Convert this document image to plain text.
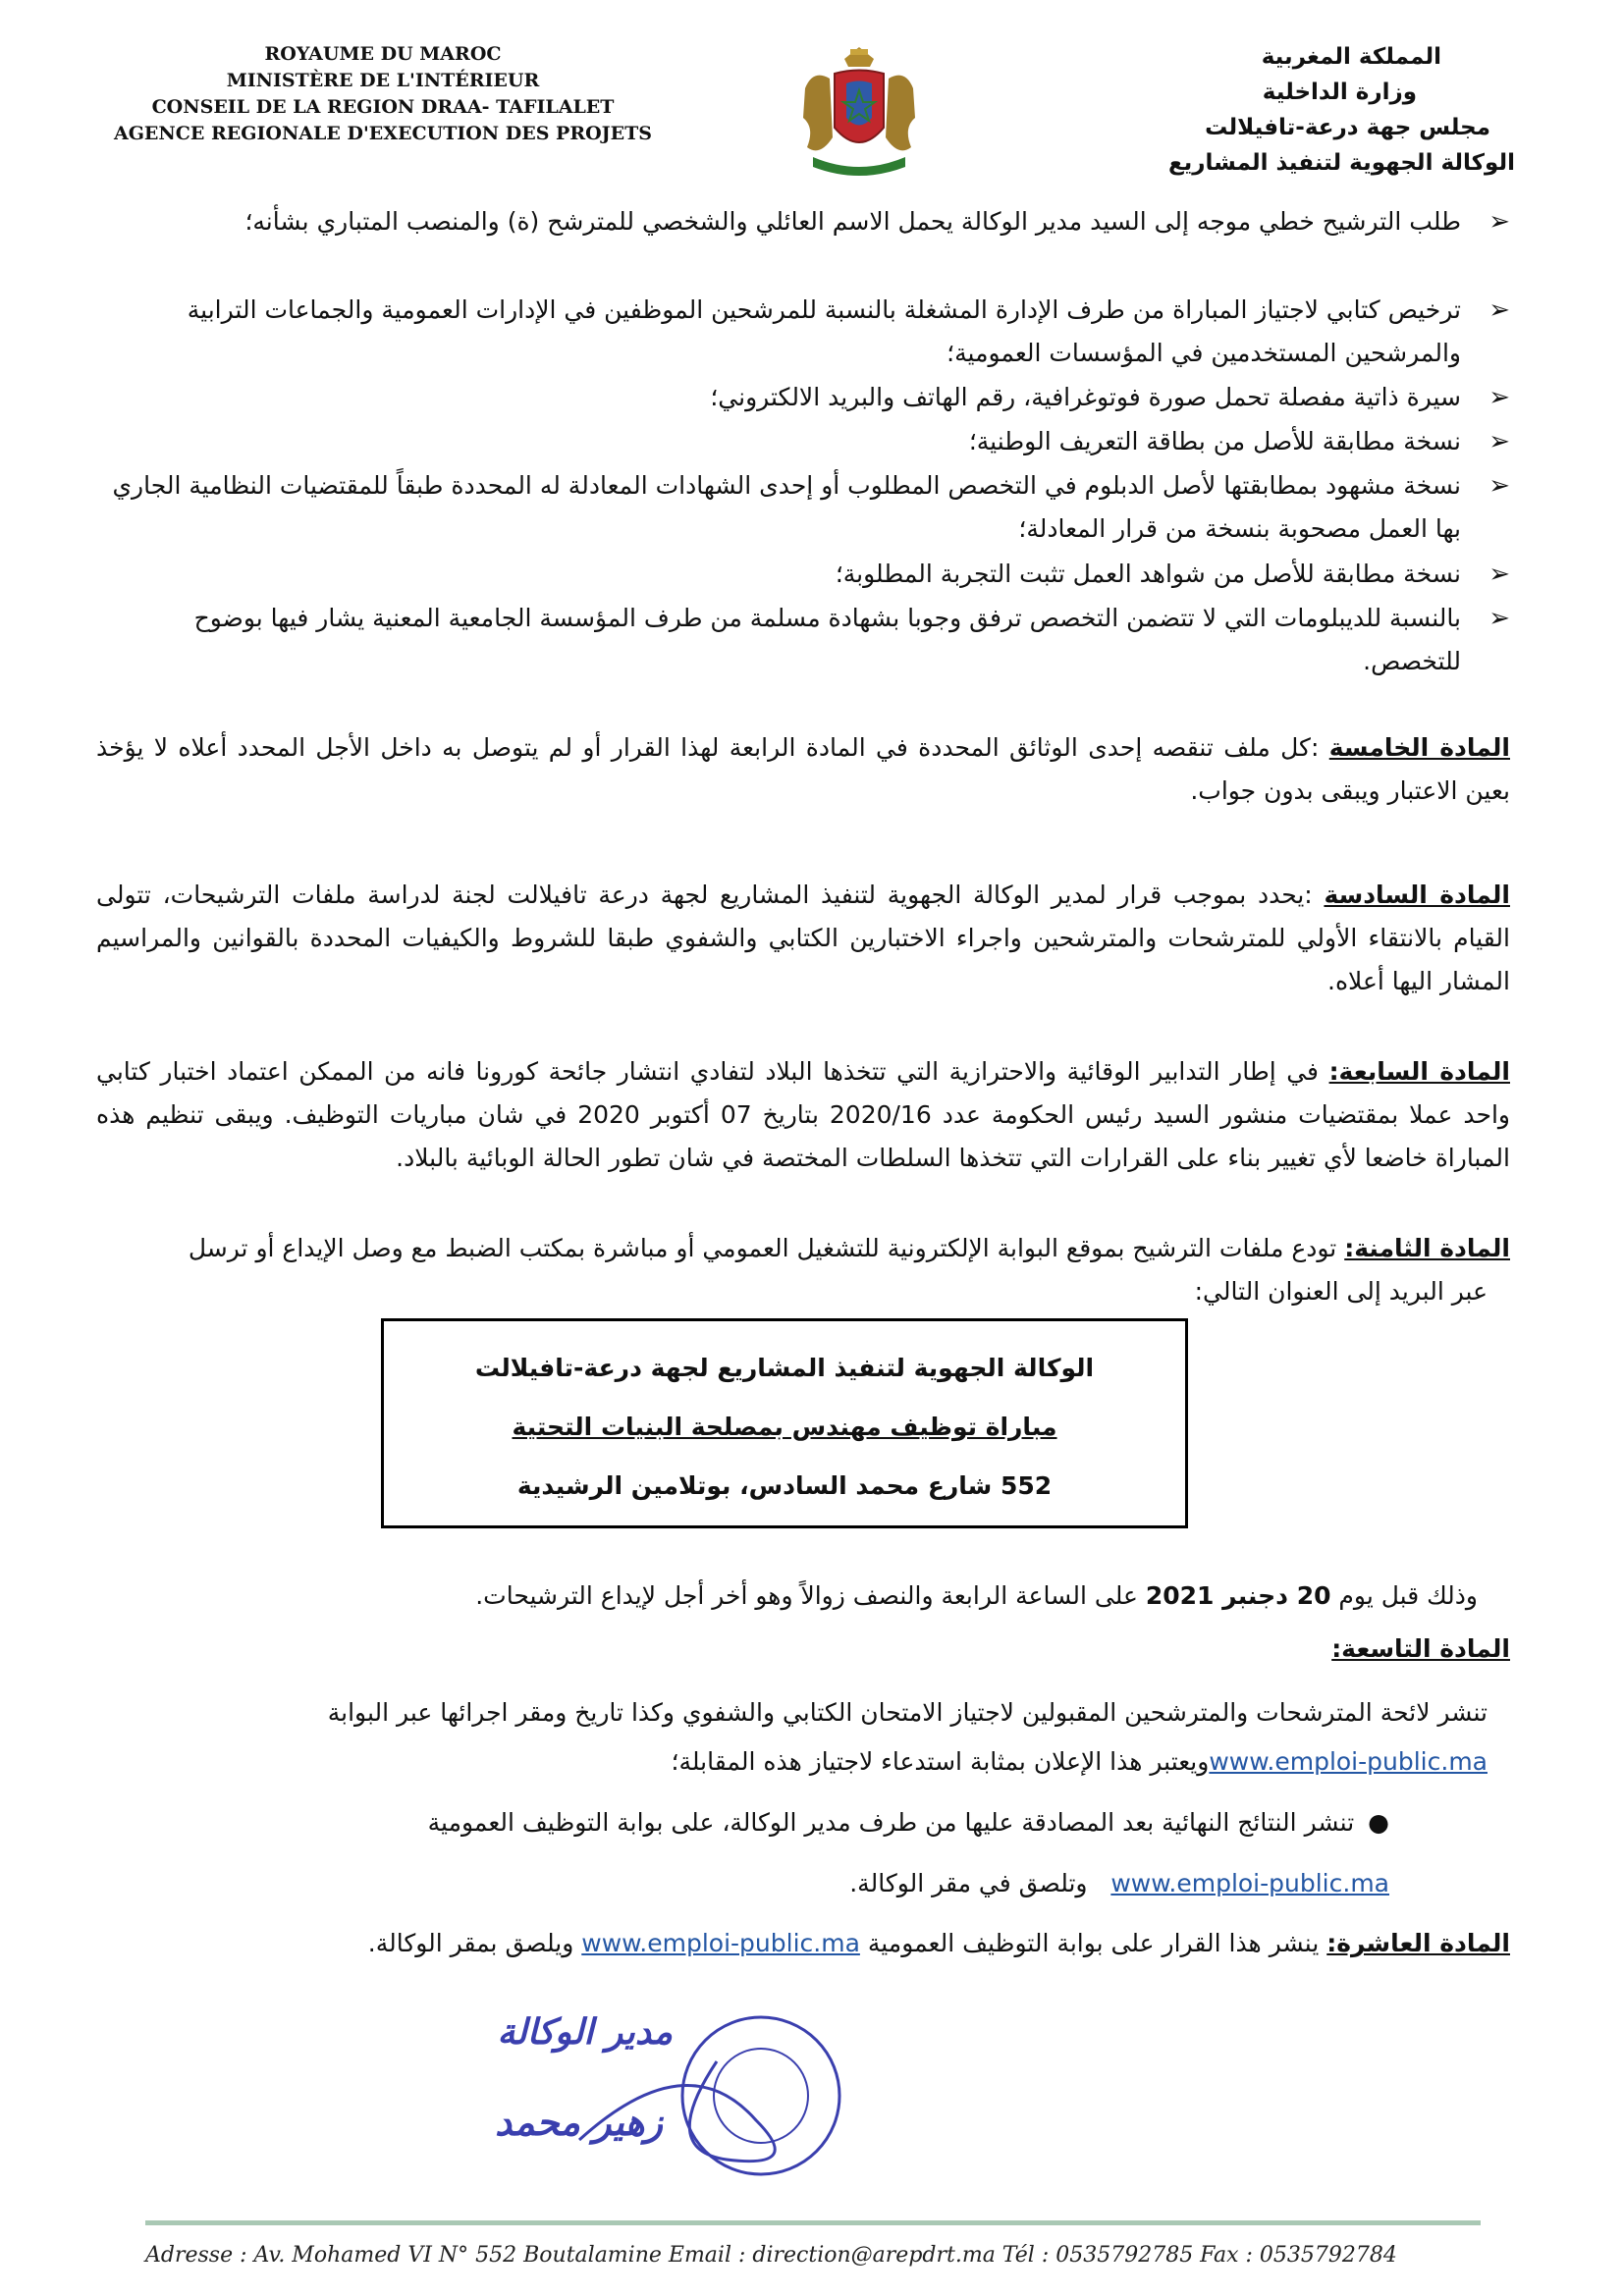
ROYAUME DU MAROC
MINISTÈRE DE L'INTÉRIEUR
CONSEIL DE LA REGION DRAA- TAFILALET
AGENCE REGIONALE D'EXECUTION DES PROJETS
المملكة المغربية
وزارة الداخلية
مجلس جهة درعة-تافيلالت
الوكالة الجهوية لتنفيذ المشاريع
➢
طلب الترشيح خطي موجه إلى السيد مدير الوكالة يحمل الاسم العائلي والشخصي للمترشح (ة) والمنصب المتباري بشأنه؛
➢
ترخيص كتابي لاجتياز المباراة من طرف الإدارة المشغلة بالنسبة للمرشحين الموظفين في الإدارات العمومية والجماعات الترابية والمرشحين المستخدمين في المؤسسات العمومية؛
➢
سيرة ذاتية مفصلة تحمل صورة فوتوغرافية، رقم الهاتف والبريد الالكتروني؛
➢
نسخة مطابقة للأصل من بطاقة التعريف الوطنية؛
➢
نسخة مشهود بمطابقتها لأصل الدبلوم في التخصص المطلوب أو إحدى الشهادات المعادلة له المحددة طبقاً للمقتضيات النظامية الجاري بها العمل مصحوبة بنسخة من قرار المعادلة؛
➢
نسخة مطابقة للأصل من شواهد العمل تثبت التجربة المطلوبة؛
➢
بالنسبة للديبلومات التي لا تتضمن التخصص ترفق وجوبا بشهادة مسلمة من طرف المؤسسة الجامعية المعنية يشار فيها بوضوح للتخصص.
المادة الخامسة :كل ملف تنقصه إحدى الوثائق المحددة في المادة الرابعة لهذا القرار أو لم يتوصل به داخل الأجل المحدد أعلاه لا يؤخذ بعين الاعتبار ويبقى بدون جواب.
المادة السادسة :يحدد بموجب قرار لمدير الوكالة الجهوية لتنفيذ المشاريع لجهة درعة تافيلالت لجنة لدراسة ملفات الترشيحات، تتولى القيام بالانتقاء الأولي للمترشحات والمترشحين واجراء الاختبارين الكتابي والشفوي طبقا للشروط والكيفيات المحددة بالقوانين والمراسيم المشار اليها أعلاه.
المادة السابعة: في إطار التدابير الوقائية والاحترازية التي تتخذها البلاد لتفادي انتشار جائحة كورونا فانه من الممكن اعتماد اختبار كتابي واحد عملا بمقتضيات منشور السيد رئيس الحكومة عدد 2020/16 بتاريخ 07 أكتوبر 2020 في شان مباريات التوظيف. ويبقى تنظيم هذه المباراة خاضعا لأي تغيير بناء على القرارات التي تتخذها السلطات المختصة في شان تطور الحالة الوبائية بالبلاد.
المادة الثامنة: تودع ملفات الترشيح بموقع البوابة الإلكترونية للتشغيل العمومي أو مباشرة بمكتب الضبط مع وصل الإيداع أو ترسل
عبر البريد إلى العنوان التالي:
الوكالة الجهوية لتنفيذ المشاريع لجهة درعة-تافيلالت
مباراة توظيف مهندس بمصلحة البنيات التحتية
552 شارع محمد السادس، بوتلامين الرشيدية
وذلك قبل يوم 20 دجنبر 2021 على الساعة الرابعة والنصف زوالاً وهو أخر أجل لإيداع الترشيحات.
المادة التاسعة:
تنشر لائحة المترشحات والمترشحين المقبولين لاجتياز الامتحان الكتابي والشفوي وكذا تاريخ ومقر اجرائها عبر البوابة
www.emploi-public.maويعتبر هذا الإعلان بمثابة استدعاء لاجتياز هذه المقابلة؛
●تنشر النتائج النهائية بعد المصادقة عليها من طرف مدير الوكالة، على بوابة التوظيف العمومية
www.emploi-public.ma   وتلصق في مقر الوكالة.
المادة العاشرة: ينشر هذا القرار على بوابة التوظيف العمومية www.emploi-public.ma ويلصق بمقر الوكالة.
مدير الوكالة
زهير محمد
Adresse : Av. Mohamed VI N° 552 Boutalamine Email : direction@arepdrt.ma Tél : 0535792785 Fax : 0535792784
